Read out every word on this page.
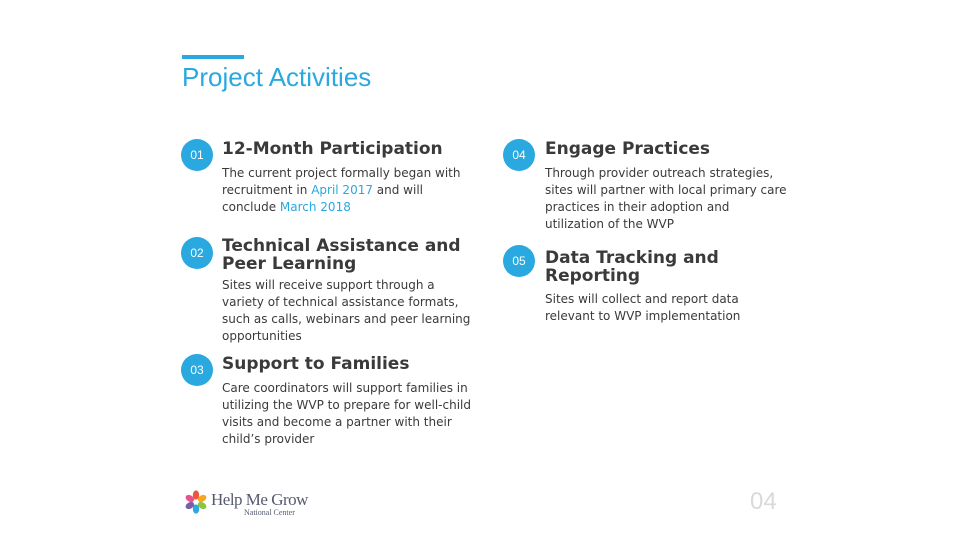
Project Activities
01	12-Month Participation

The current project formally began with recruitment in April 2017 and will conclude March 2018

02	Technical Assistance and Peer Learning

Sites will receive support through a variety of technical assistance formats, such as calls, webinars and peer learning opportunities

03	Support to Families

Care coordinators will support families in utilizing the WVP to prepare for well-child visits and become a partner with their child’s provider

04	Engage Practices

Through provider outreach strategies, sites will partner with local primary care practices in their adoption and utilization of the WVP

05	Data Tracking and Reporting

Sites will collect and report data relevant to WVP implementation

Help Me Grow
National Center	04
